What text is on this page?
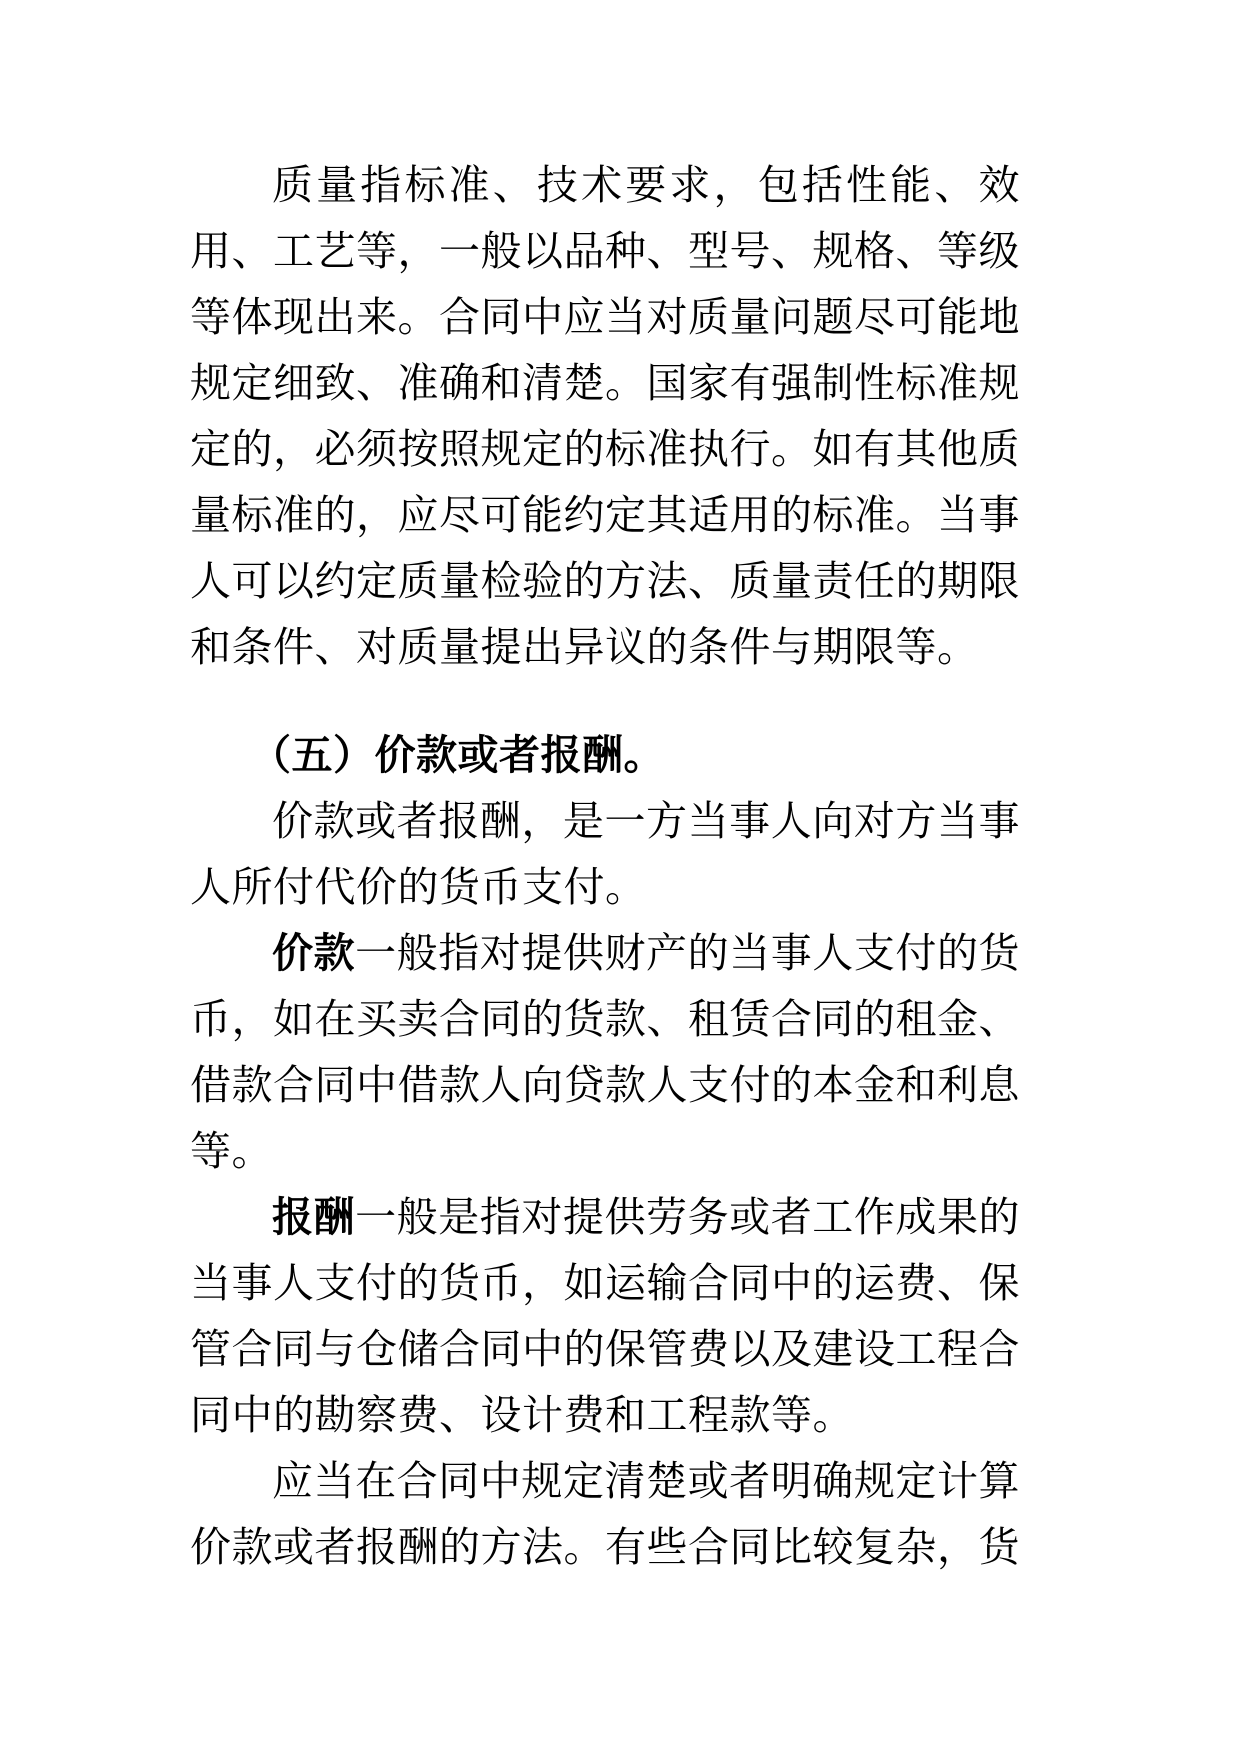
质量指标准、技术要求，包括性能、效用、工艺等，一般以品种、型号、规格、等级等体现出来。合同中应当对质量问题尽可能地规定细致、准确和清楚。国家有强制性标准规定的，必须按照规定的标准执行。如有其他质量标准的，应尽可能约定其适用的标准。当事人可以约定质量检验的方法、质量责任的期限和条件、对质量提出异议的条件与期限等。

（五）价款或者报酬。

价款或者报酬，是一方当事人向对方当事人所付代价的货币支付。

价款一般指对提供财产的当事人支付的货币，如在买卖合同的货款、租赁合同的租金、借款合同中借款人向贷款人支付的本金和利息等。

报酬一般是指对提供劳务或者工作成果的当事人支付的货币，如运输合同中的运费、保管合同与仓储合同中的保管费以及建设工程合同中的勘察费、设计费和工程款等。

应当在合同中规定清楚或者明确规定计算价款或者报酬的方法。有些合同比较复杂，货
